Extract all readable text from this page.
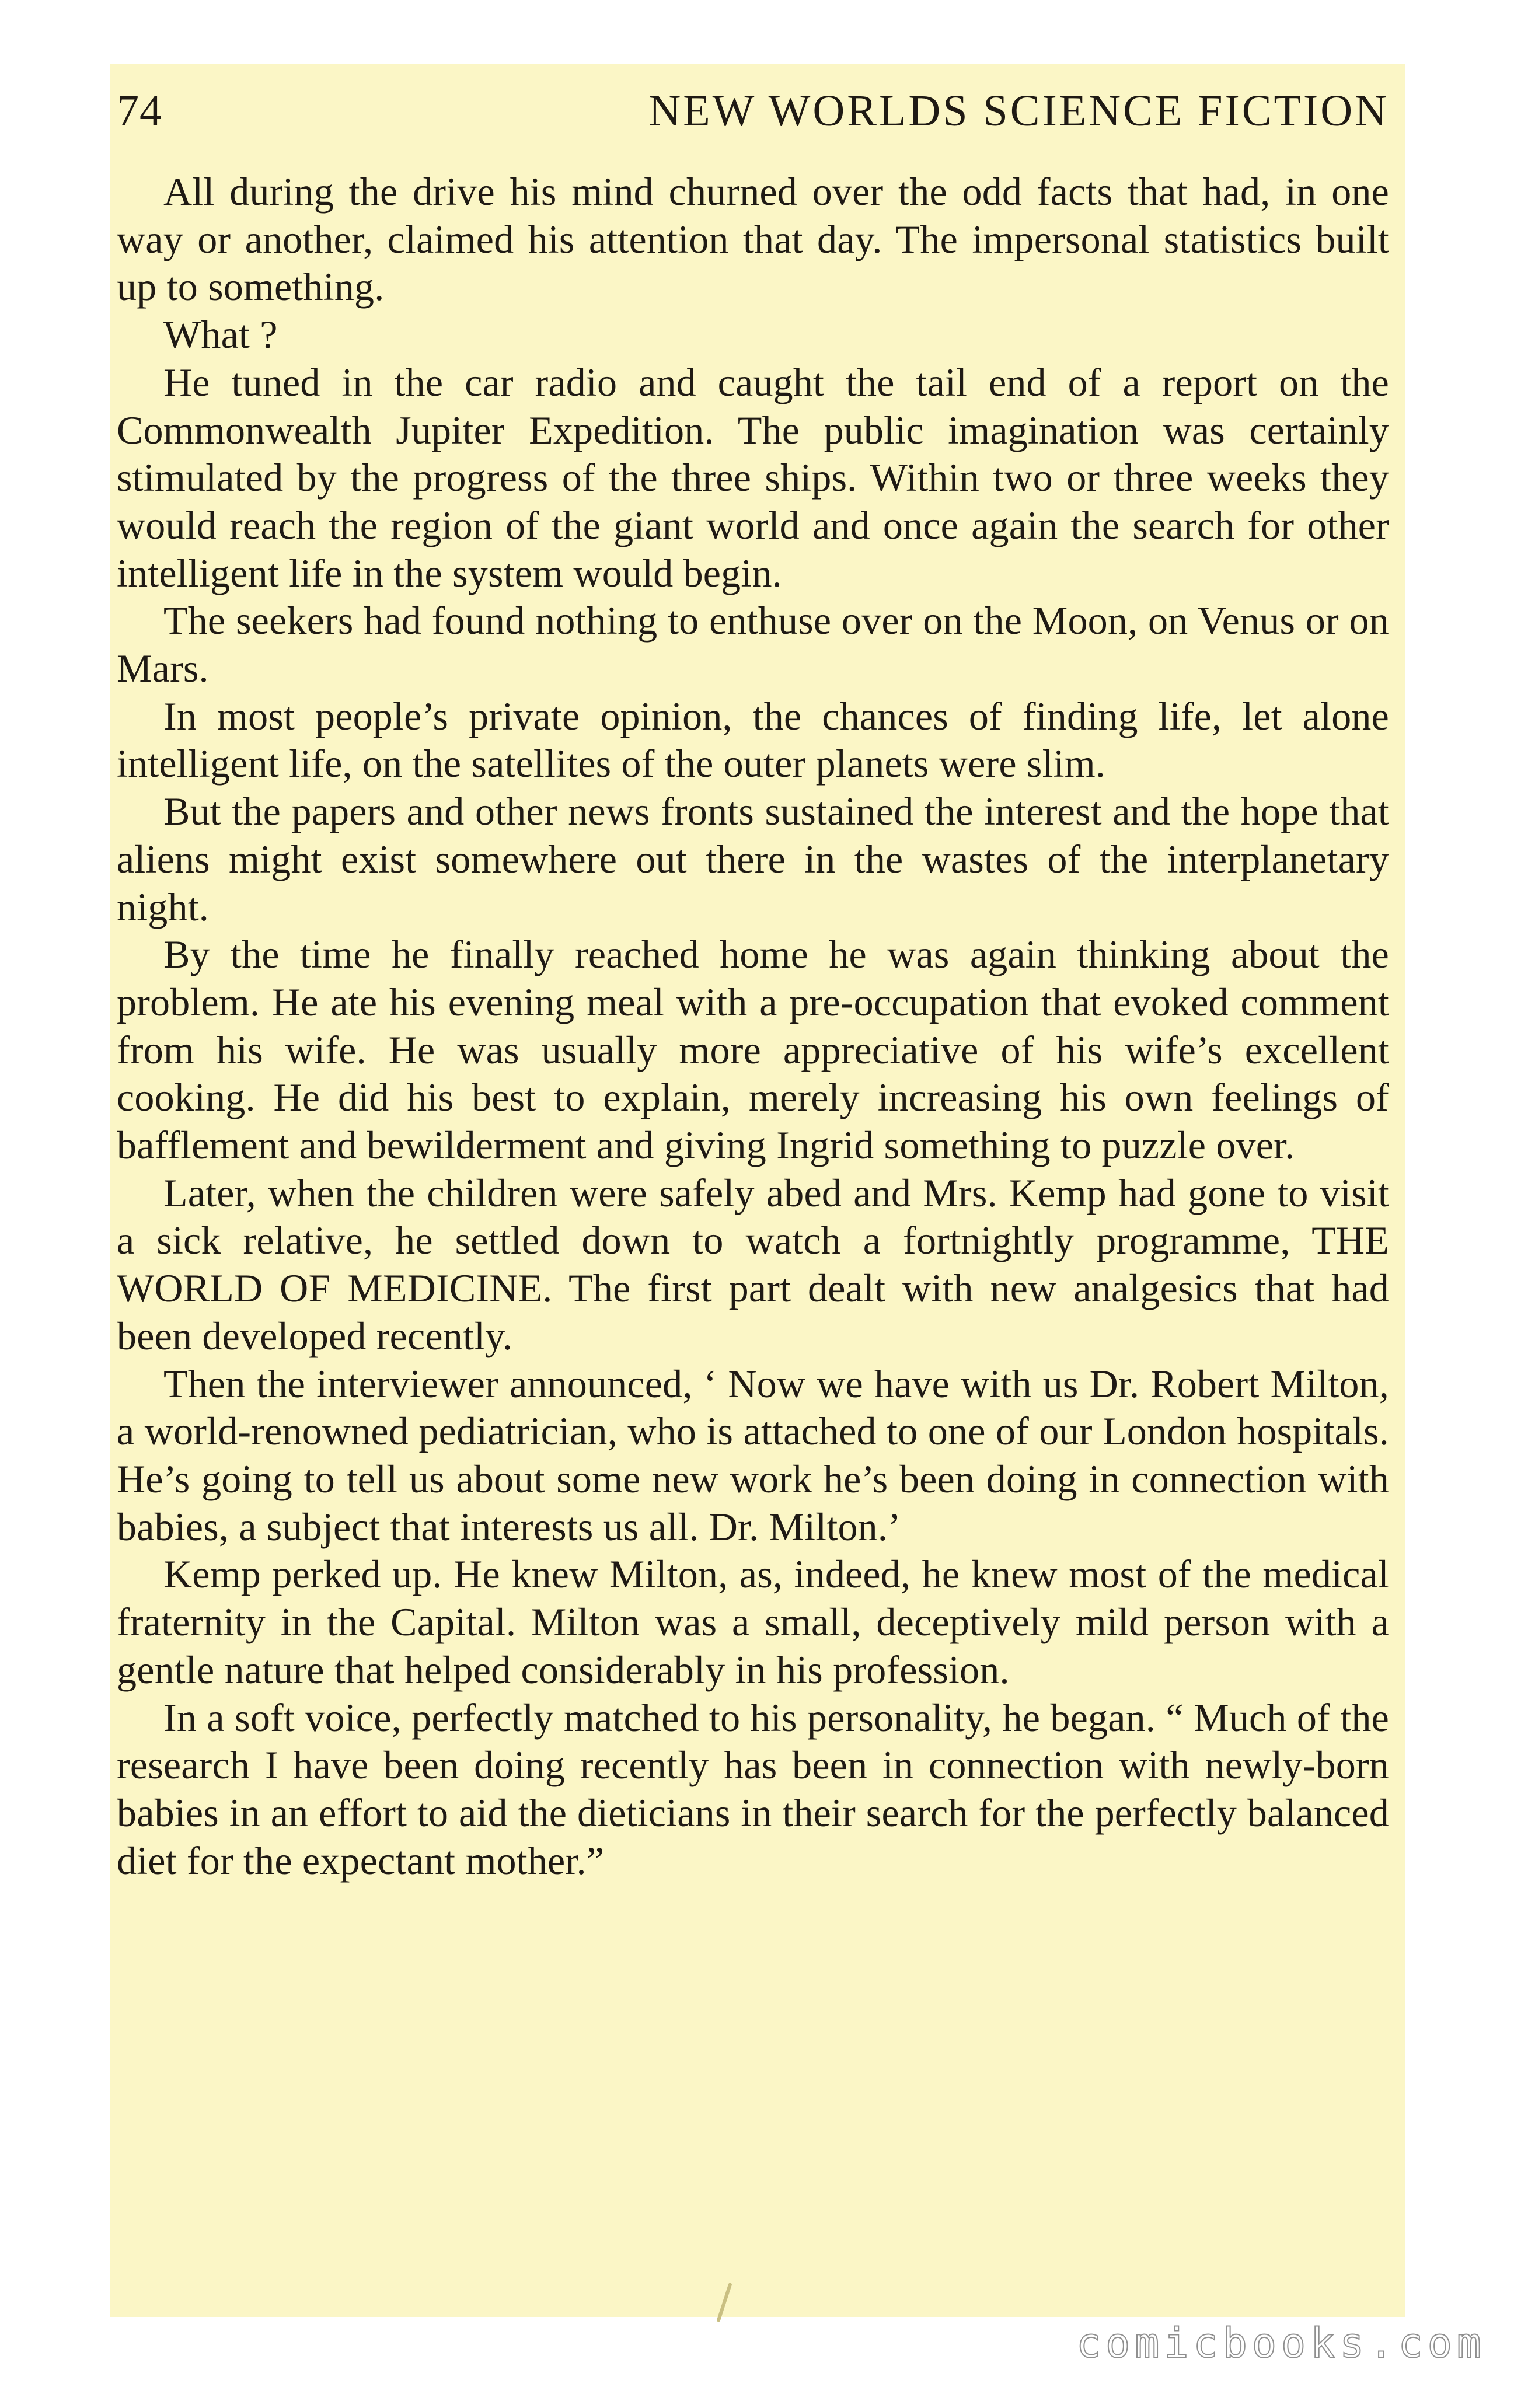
74	NEW WORLDS SCIENCE FICTION

All during the drive his mind churned over the odd facts that had, in one way or another, claimed his attention that day. The impersonal statistics built up to something.

What ?

He tuned in the car radio and caught the tail end of a report on the Commonwealth Jupiter Expedition. The public imagination was certainly stimulated by the progress of the three ships. Within two or three weeks they would reach the region of the giant world and once again the search for other intelligent life in the system would begin.

The seekers had found nothing to enthuse over on the Moon, on Venus or on Mars.

In most people’s private opinion, the chances of finding life, let alone intelligent life, on the satellites of the outer planets were slim.

But the papers and other news fronts sustained the interest and the hope that aliens might exist somewhere out there in the wastes of the interplanetary night.

By the time he finally reached home he was again thinking about the problem. He ate his evening meal with a pre-occupation that evoked comment from his wife. He was usually more appreciative of his wife’s excellent cooking. He did his best to explain, merely increasing his own feelings of bafflement and bewilderment and giving Ingrid something to puzzle over.

Later, when the children were safely abed and Mrs. Kemp had gone to visit a sick relative, he settled down to watch a fortnightly programme, THE WORLD OF MEDICINE. The first part dealt with new analgesics that had been developed recently.

Then the interviewer announced, ‘ Now we have with us Dr. Robert Milton, a world-renowned pediatrician, who is attached to one of our London hospitals. He’s going to tell us about some new work he’s been doing in connection with babies, a subject that interests us all. Dr. Milton.’

Kemp perked up. He knew Milton, as, indeed, he knew most of the medical fraternity in the Capital. Milton was a small, deceptively mild person with a gentle nature that helped considerably in his profession.

In a soft voice, perfectly matched to his personality, he began. “ Much of the research I have been doing recently has been in connection with newly-born babies in an effort to aid the dieticians in their search for the perfectly balanced diet for the expectant mother.”

comicbooks.com
